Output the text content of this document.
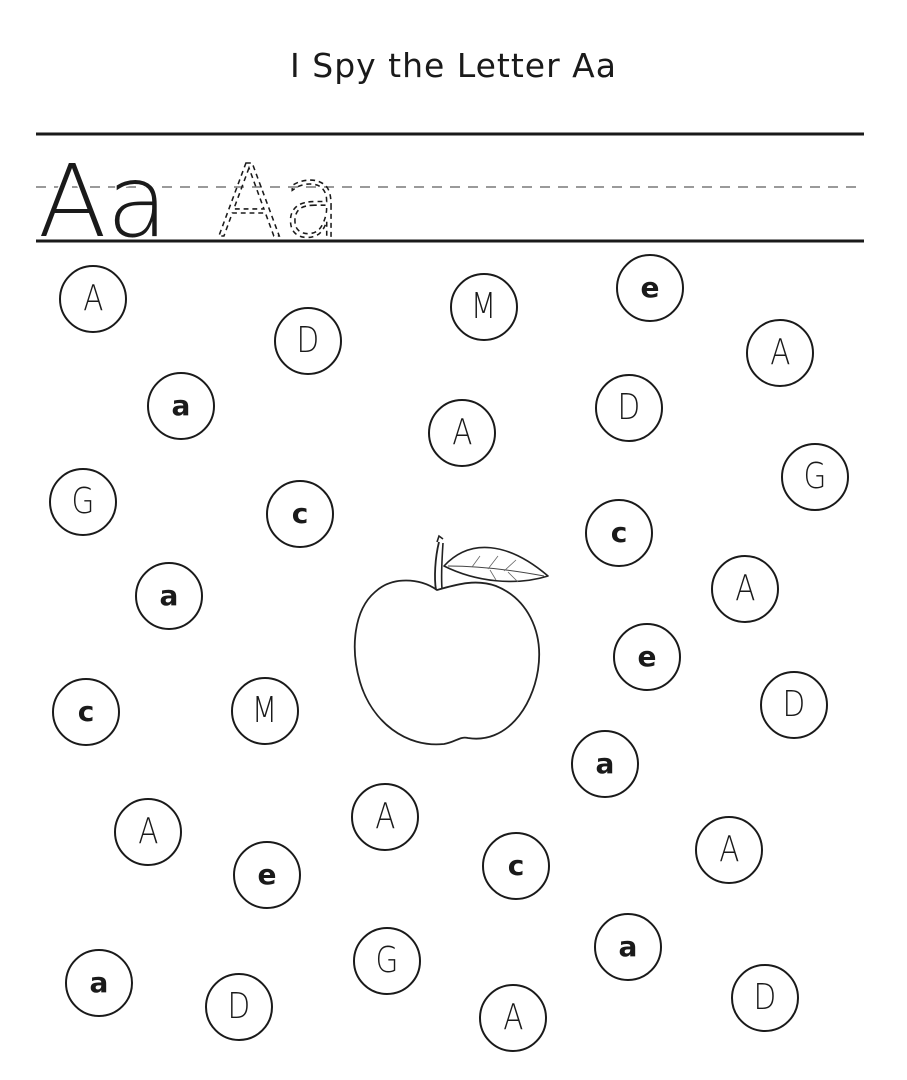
I Spy the Letter Aa
Aa Aa
A
D
M	e
A
a
A
D
G	c
c
G
a	A
e
c	M	D
a
A	A
e	c	A
a
D
G	a
A	D
